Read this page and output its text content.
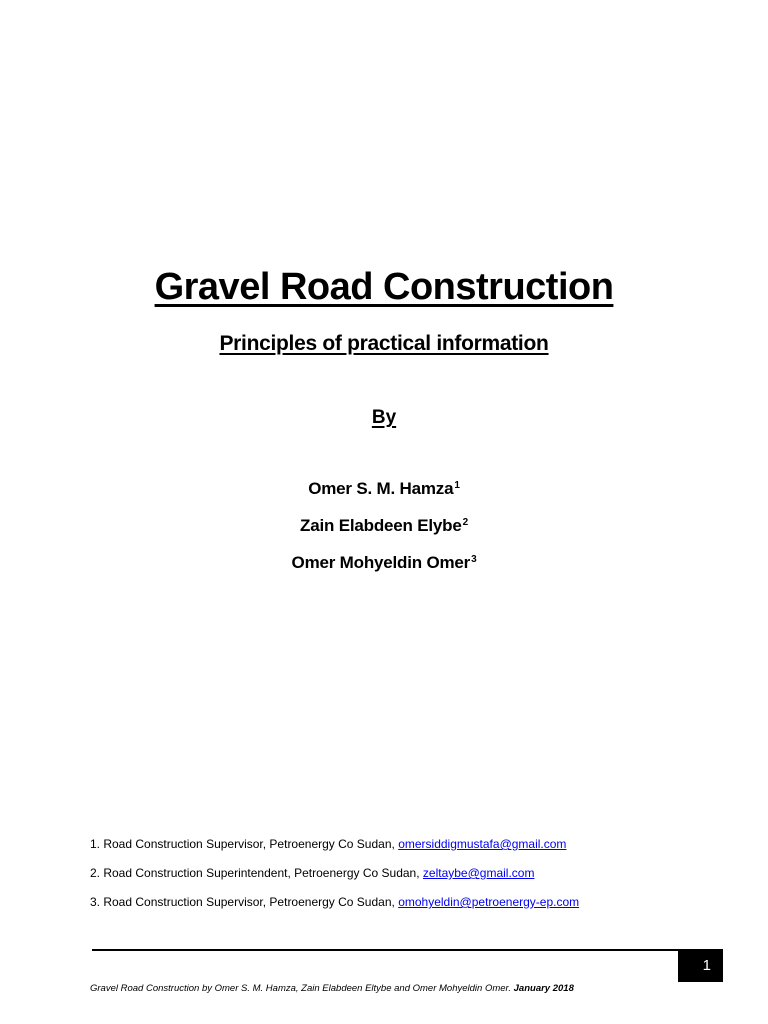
Gravel Road Construction
Principles of practical information
By
Omer S. M. Hamza$^1$
Zain Elabdeen Elybe$^2$
Omer Mohyeldin Omer$^3$
1. Road Construction Supervisor, Petroenergy Co Sudan, omersiddigmustafa@gmail.com
2. Road Construction Superintendent, Petroenergy Co Sudan, zeltaybe@gmail.com
3. Road Construction Supervisor, Petroenergy Co Sudan, omohyeldin@petroenergy-ep.com
1
Gravel Road Construction by Omer S. M. Hamza, Zain Elabdeen Eltybe and Omer Mohyeldin Omer. January 2018
